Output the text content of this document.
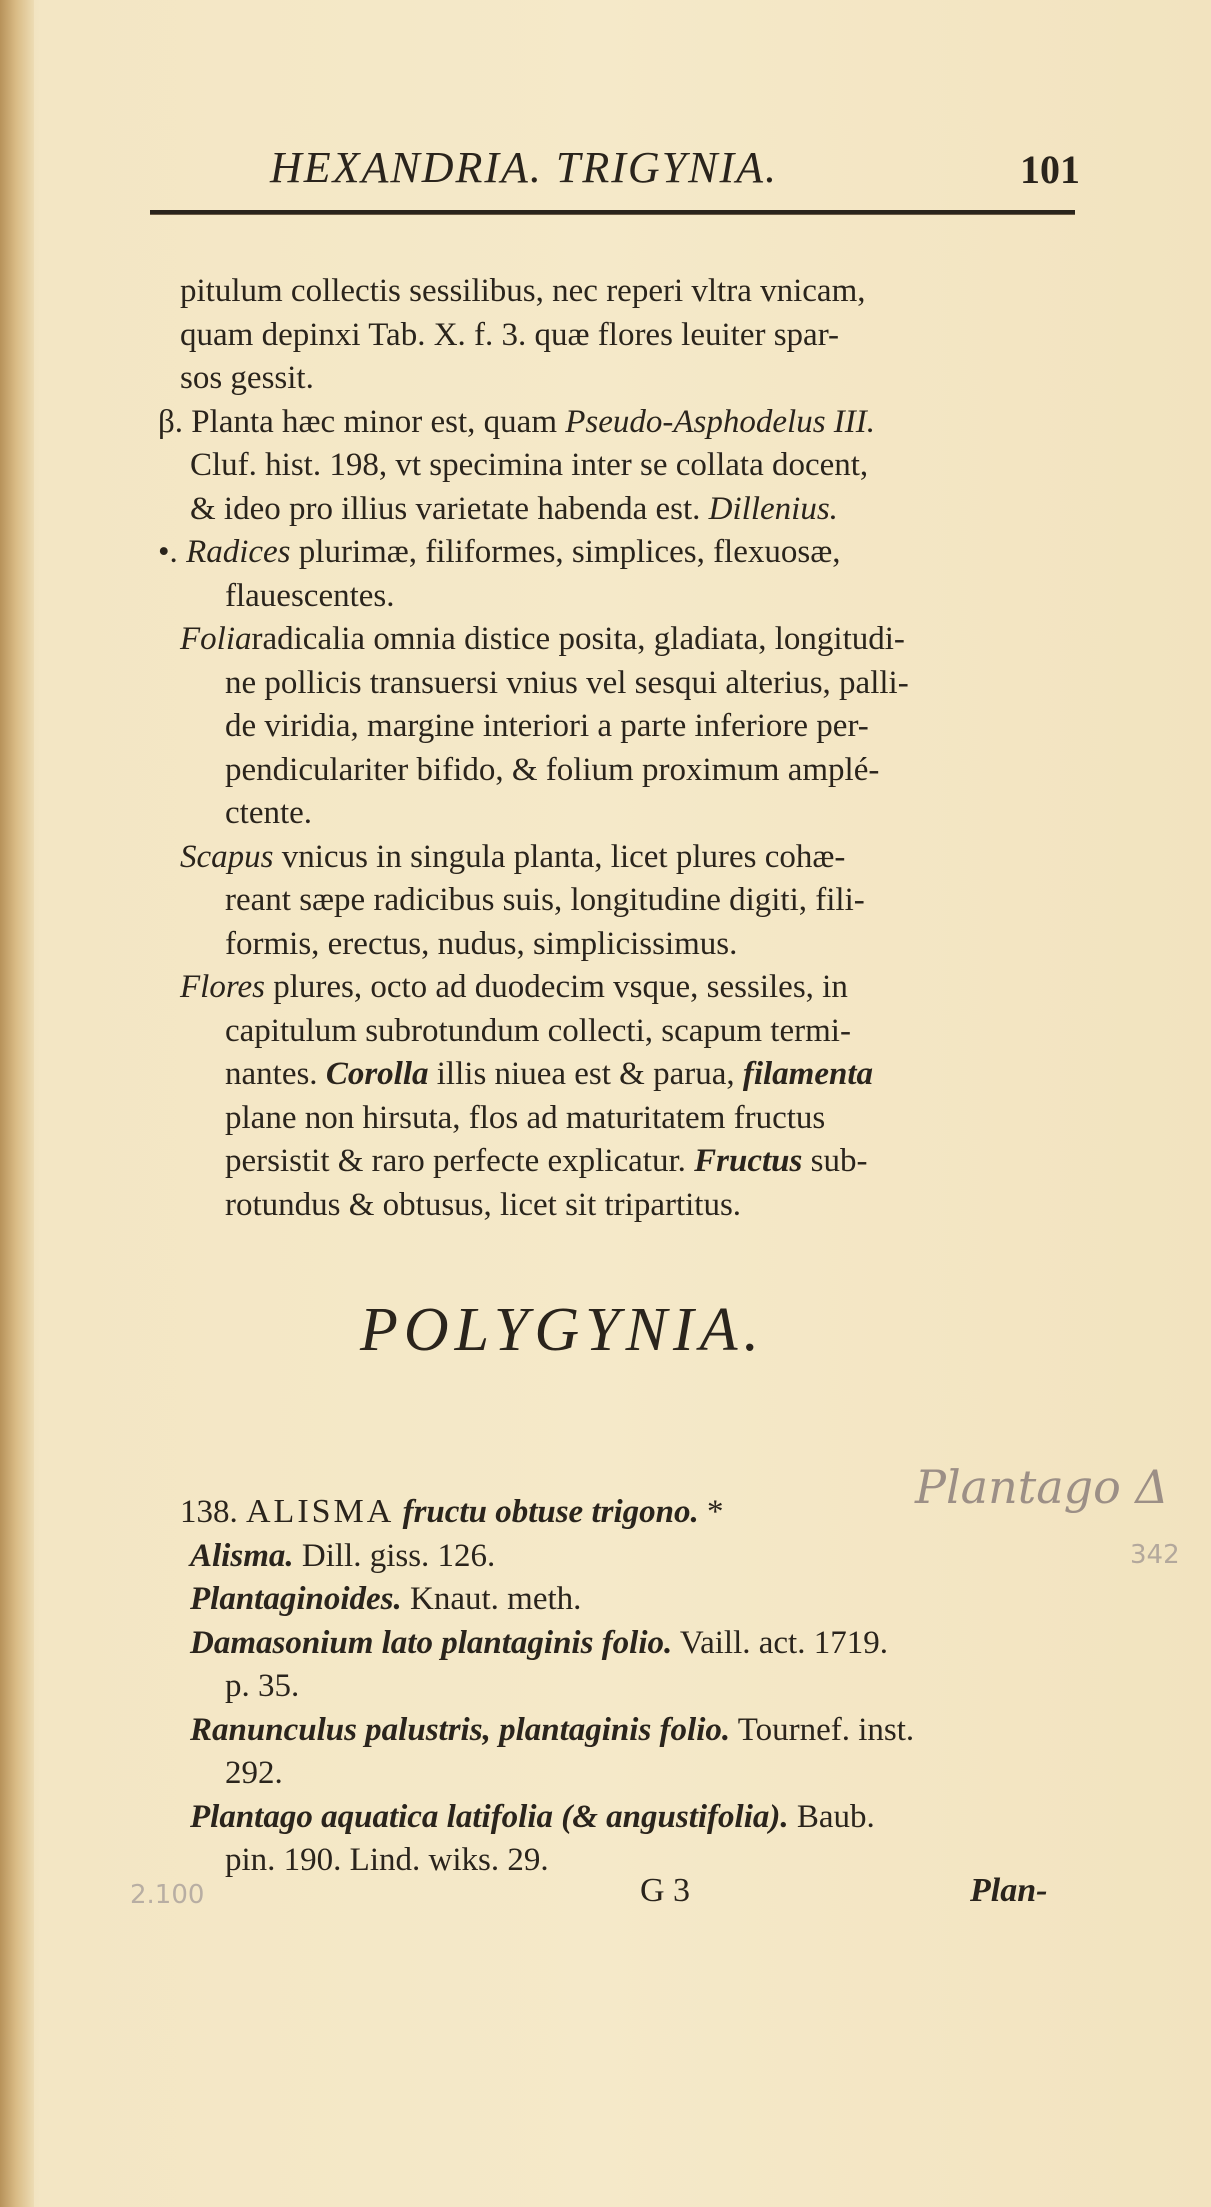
HEXANDRIA. TRIGYNIA.	101
pitulum collectis sessilibus, nec reperi vltra vnicam,
quam depinxi Tab. X. f. 3. quæ flores leuiter spar-
sos gessit.
β. Planta hæc minor est, quam Pseudo-Asphodelus III.
Cluf. hist. 198, vt specimina inter se collata docent,
& ideo pro illius varietate habenda est. Dillenius.
•. Radices plurimæ, filiformes, simplices, flexuosæ,
flauescentes.
Foliaradicalia omnia distice posita, gladiata, longitudi-
ne pollicis transuersi vnius vel sesqui alterius, palli-
de viridia, margine interiori a parte inferiore per-
pendiculariter bifido, & folium proximum amplé-
ctente.
Scapus vnicus in singula planta, licet plures cohæ-
reant sæpe radicibus suis, longitudine digiti, fili-
formis, erectus, nudus, simplicissimus.
Flores plures, octo ad duodecim vsque, sessiles, in
capitulum subrotundum collecti, scapum termi-
nantes. Corolla illis niuea est & parua, filamenta
plane non hirsuta, flos ad maturitatem fructus
persistit & raro perfecte explicatur. Fructus sub-
rotundus & obtusus, licet sit tripartitus.
POLYGYNIA.
138. ALISMA fructu obtuse trigono. *
Alisma. Dill. giss. 126.
Plantaginoides. Knaut. meth.
Damasonium lato plantaginis folio. Vaill. act. 1719.
p. 35.
Ranunculus palustris, plantaginis folio. Tournef. inst.
292.
Plantago aquatica latifolia (& angustifolia). Baub.
pin. 190. Lind. wiks. 29.
Plantago Δ
342
2.100	G 3	Plan-
